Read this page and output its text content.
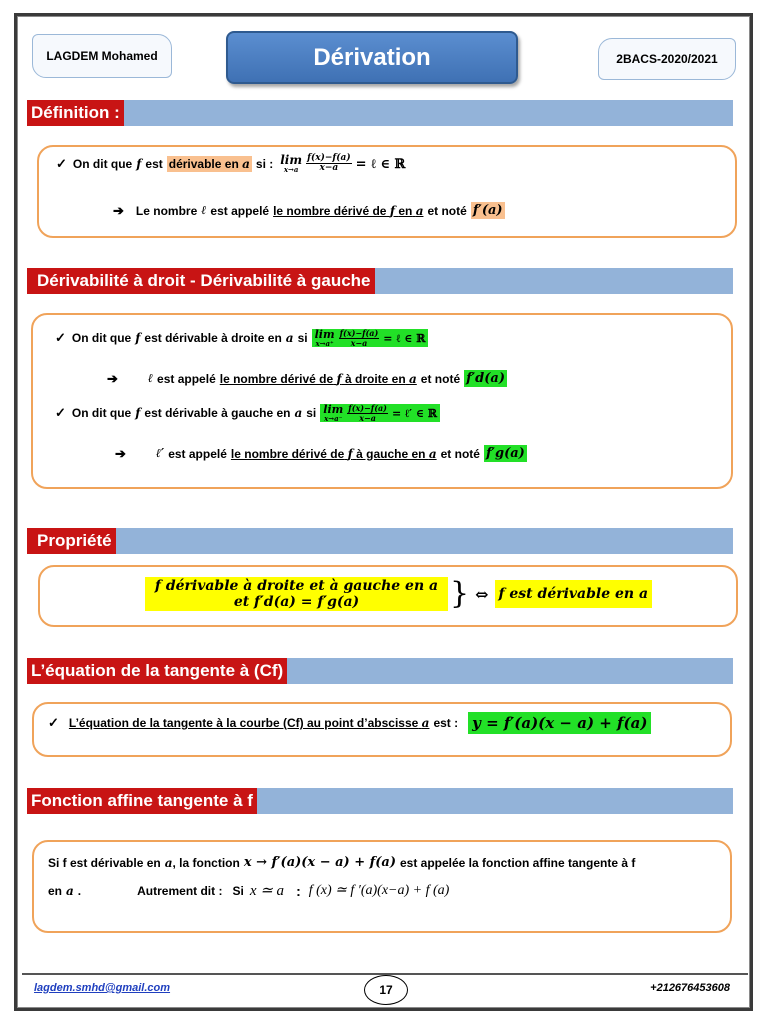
LAGDEM Mohamed	Dérivation	2BACS-2020/2021
Définition :
✓ On dit que f est dérivable en a si : lim
$x\to a \frac{f(x)-f(a)}{x-a}$ = ℓ ∈ ℝ
➔ Le nombre ℓ est appelé le nombre dérivé de f en a et noté f′(a)
Dérivabilité à droit - Dérivabilité à gauche
✓ On dit que f est dérivable à droite en a si lim
$x\to a^+ \frac{f(x)-f(a)}{x-a}$ = ℓ ∈ ℝ
➔	ℓ est appelé le nombre dérivé de f à droite en a et noté f′d(a)
✓ On dit que f est dérivable à gauche en a si lim
$x\to a^- \frac{f(x)-f(a)}{x-a}$ = ℓ′ ∈ ℝ
➔	ℓ′ est appelé le nombre dérivé de f à gauche en a et noté f′g(a)
Propriété
f dérivable à droite et à gauche en a
et f′d(a) = f′g(a)	} ⇔ f est dérivable en a
L’équation de la tangente à (Cf)
✓ L’équation de la tangente à la courbe (Cf) au point d’abscisse a est : y = f′(a)(x − a) + f(a)
Fonction affine tangente à f
Si f est dérivable en a , la fonction x → f′(a)(x − a) + f(a) est appelée la fonction affine tangente à f
en a .	Autrement dit : Si x ≃ a : f (x) ≃ f ′(a)(x−a) + f (a)
lagdem.smhd@gmail.com	17	+212676453608
